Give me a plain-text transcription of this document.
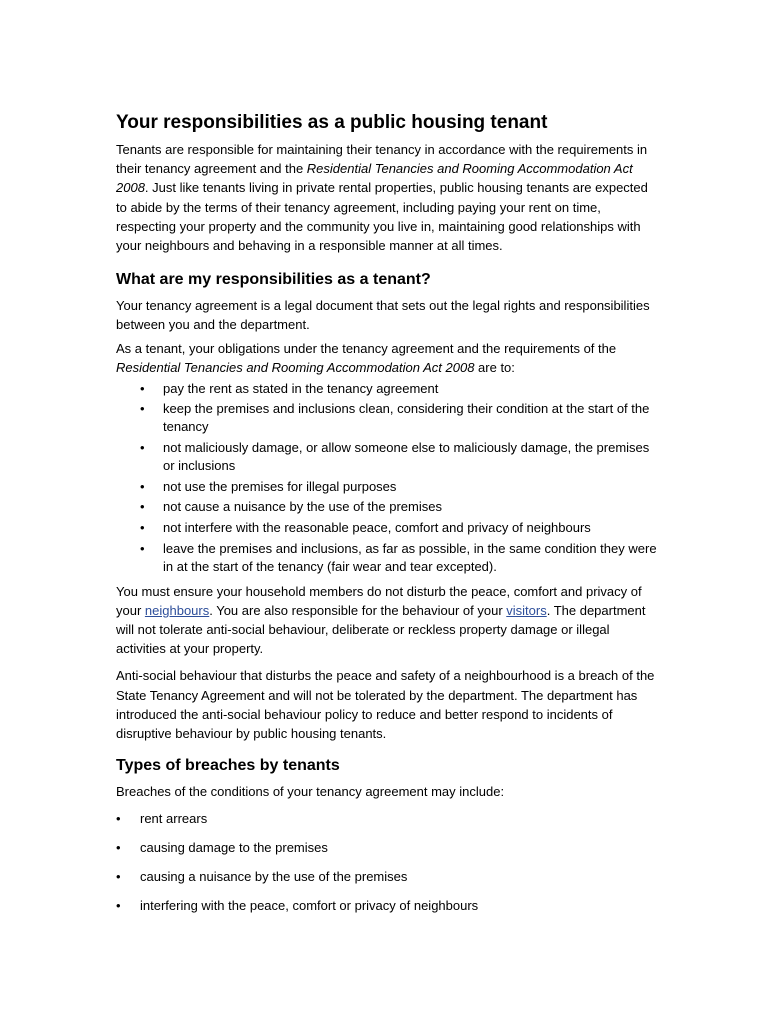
Your responsibilities as a public housing tenant

Tenants are responsible for maintaining their tenancy in accordance with the requirements in their tenancy agreement and the Residential Tenancies and Rooming Accommodation Act 2008. Just like tenants living in private rental properties, public housing tenants are expected to abide by the terms of their tenancy agreement, including paying your rent on time, respecting your property and the community you live in, maintaining good relationships with your neighbours and behaving in a responsible manner at all times.

What are my responsibilities as a tenant?

Your tenancy agreement is a legal document that sets out the legal rights and responsibilities between you and the department.

As a tenant, your obligations under the tenancy agreement and the requirements of the Residential Tenancies and Rooming Accommodation Act 2008 are to:

• pay the rent as stated in the tenancy agreement
• keep the premises and inclusions clean, considering their condition at the start of the tenancy
• not maliciously damage, or allow someone else to maliciously damage, the premises or inclusions
• not use the premises for illegal purposes
• not cause a nuisance by the use of the premises
• not interfere with the reasonable peace, comfort and privacy of neighbours
• leave the premises and inclusions, as far as possible, in the same condition they were in at the start of the tenancy (fair wear and tear excepted).

You must ensure your household members do not disturb the peace, comfort and privacy of your neighbours. You are also responsible for the behaviour of your visitors. The department will not tolerate anti-social behaviour, deliberate or reckless property damage or illegal activities at your property.

Anti-social behaviour that disturbs the peace and safety of a neighbourhood is a breach of the State Tenancy Agreement and will not be tolerated by the department. The department has introduced the anti-social behaviour policy to reduce and better respond to incidents of disruptive behaviour by public housing tenants.

Types of breaches by tenants

Breaches of the conditions of your tenancy agreement may include:

• rent arrears
• causing damage to the premises
• causing a nuisance by the use of the premises
• interfering with the peace, comfort or privacy of neighbours
